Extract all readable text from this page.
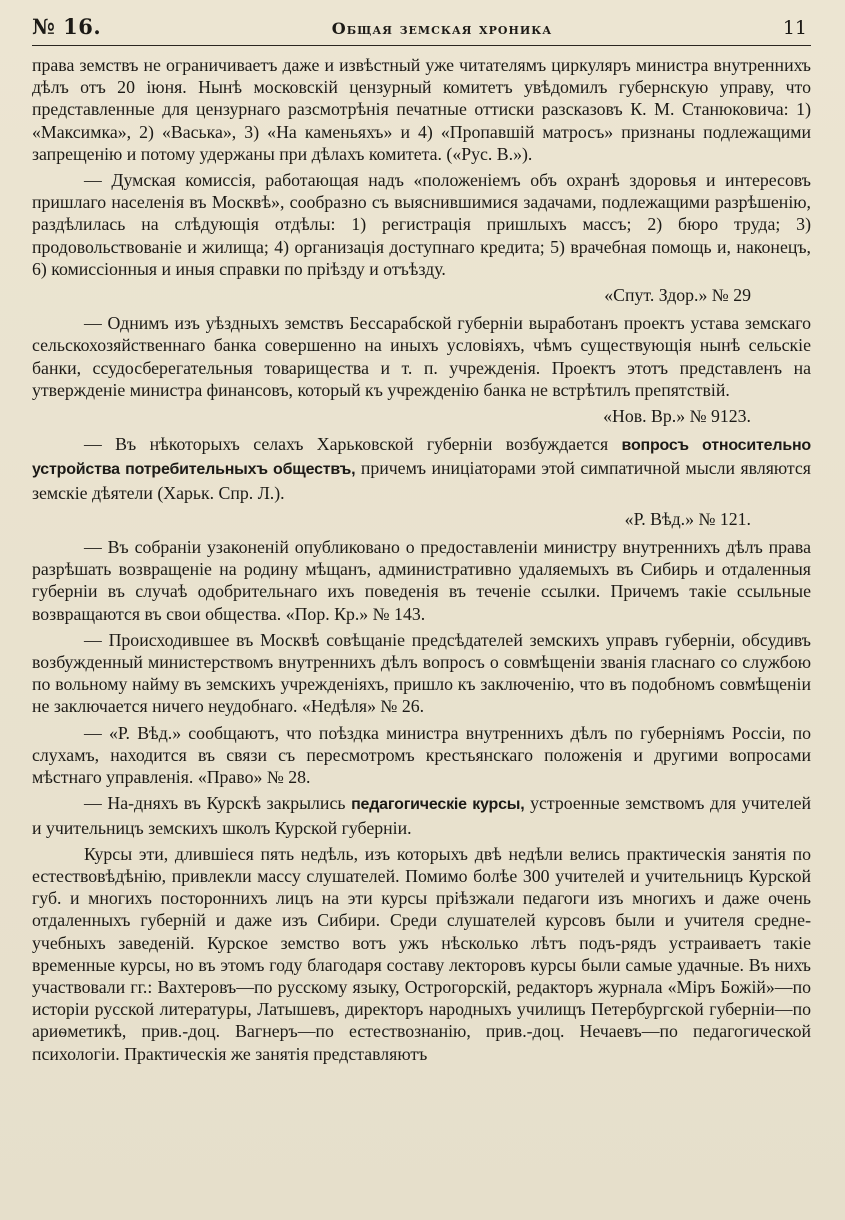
№ 16.	Общая земская хроника	11

права земствъ не ограничиваетъ даже и извѣстный уже читателямъ циркуляръ министра внутреннихъ дѣлъ отъ 20 іюня. Нынѣ московскій цензурный комитетъ увѣдомилъ губернскую управу, что представленные для цензурнаго разсмотрѣнія печатные оттиски разсказовъ К. М. Станюковича: 1) «Максимка», 2) «Васька», 3) «На каменьяхъ» и 4) «Пропавшій матросъ» признаны подлежащими запрещенію и потому удержаны при дѣлахъ комитета. («Рус. В.»).

— Думская комиссія, работающая надъ «положеніемъ объ охранѣ здоровья и интересовъ пришлаго населенія въ Москвѣ», сообразно съ выяснившимися задачами, подлежащими разрѣшенію, раздѣлилась на слѣдующія отдѣлы: 1) регистрація пришлыхъ массъ; 2) бюро труда; 3) продовольствованіе и жилища; 4) организація доступнаго кредита; 5) врачебная помощь и, наконецъ, 6) комиссіонныя и иныя справки по пріѣзду и отъѣзду.

«Спут. Здор.» № 29

— Однимъ изъ уѣздныхъ земствъ Бессарабской губерніи выработанъ проектъ устава земскаго сельскохозяйственнаго банка совершенно на иныхъ условіяхъ, чѣмъ существующія нынѣ сельскіе банки, ссудосберегательныя товарищества и т. п. учрежденія. Проектъ этотъ представленъ на утвержденіе министра финансовъ, который къ учрежденію банка не встрѣтилъ препятствій.

«Нов. Вр.» № 9123.

— Въ нѣкоторыхъ селахъ Харьковской губерніи возбуждается вопросъ относительно устройства потребительныхъ обществъ, причемъ иниціаторами этой симпатичной мысли являются земскіе дѣятели (Харьк. Спр. Л.).

«Р. Вѣд.» № 121.

— Въ собраніи узаконеній опубликовано о предоставленіи министру внутреннихъ дѣлъ права разрѣшать возвращеніе на родину мѣщанъ, административно удаляемыхъ въ Сибирь и отдаленныя губерніи въ случаѣ одобрительнаго ихъ поведенія въ теченіе ссылки. Причемъ такіе ссыльные возвращаются въ свои общества. «Пор. Кр.» № 143.

— Происходившее въ Москвѣ совѣщаніе предсѣдателей земскихъ управъ губерніи, обсудивъ возбужденный министерствомъ внутреннихъ дѣлъ вопросъ о совмѣщеніи званія гласнаго со службою по вольному найму въ земскихъ учрежденіяхъ, пришло къ заключенію, что въ подобномъ совмѣщеніи не заключается ничего неудобнаго. «Недѣля» № 26.

— «Р. Вѣд.» сообщаютъ, что поѣздка министра внутреннихъ дѣлъ по губерніямъ Россіи, по слухамъ, находится въ связи съ пересмотромъ крестьянскаго положенія и другими вопросами мѣстнаго управленія. «Право» № 28.

— На-дняхъ въ Курскѣ закрылись педагогическіе курсы, устроенные земствомъ для учителей и учительницъ земскихъ школъ Курской губерніи.

Курсы эти, длившіеся пять недѣль, изъ которыхъ двѣ недѣли велись практическія занятія по естествовѣдѣнію, привлекли массу слушателей. Помимо болѣе 300 учителей и учительницъ Курской губ. и многихъ постороннихъ лицъ на эти курсы пріѣзжали педагоги изъ многихъ и даже очень отдаленныхъ губерній и даже изъ Сибири. Среди слушателей курсовъ были и учителя средне-учебныхъ заведеній. Курское земство вотъ ужъ нѣсколько лѣтъ подъ-рядъ устраиваетъ такіе временные курсы, но въ этомъ году благодаря составу лекторовъ курсы были самые удачные. Въ нихъ участвовали гг.: Вахтеровъ—по русскому языку, Острогорскій, редакторъ журнала «Міръ Божій»—по исторіи русской литературы, Латышевъ, директоръ народныхъ училищъ Петербургской губерніи—по ариѳметикѣ, прив.-доц. Вагнеръ—по естествознанію, прив.-доц. Нечаевъ—по педагогической психологіи. Практическія же занятія представляютъ
